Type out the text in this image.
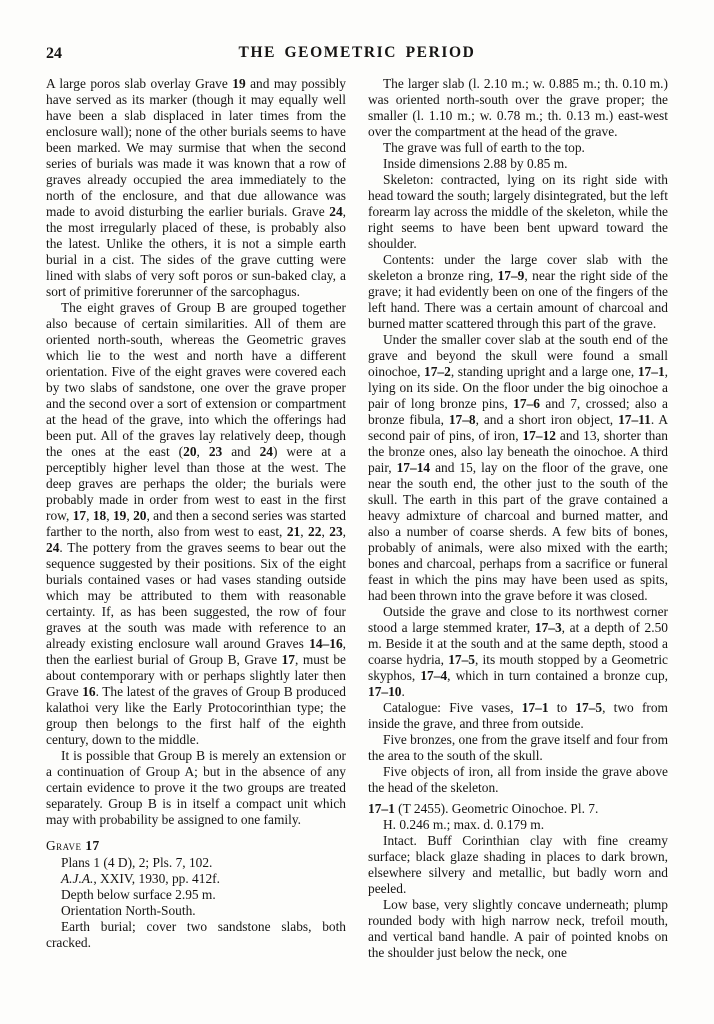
24	THE GEOMETRIC PERIOD
A large poros slab overlay Grave 19 and may possibly have served as its marker (though it may equally well have been a slab displaced in later times from the enclosure wall); none of the other burials seems to have been marked. We may surmise that when the second series of burials was made it was known that a row of graves already occupied the area immediately to the north of the enclosure, and that due allowance was made to avoid disturbing the earlier burials. Grave 24, the most irregularly placed of these, is probably also the latest. Unlike the others, it is not a simple earth burial in a cist. The sides of the grave cutting were lined with slabs of very soft poros or sun-baked clay, a sort of primitive forerunner of the sarcophagus.
The eight graves of Group B are grouped together also because of certain similarities. All of them are oriented north-south, whereas the Geometric graves which lie to the west and north have a different orientation. Five of the eight graves were covered each by two slabs of sandstone, one over the grave proper and the second over a sort of extension or compartment at the head of the grave, into which the offerings had been put. All of the graves lay relatively deep, though the ones at the east (20, 23 and 24) were at a perceptibly higher level than those at the west. The deep graves are perhaps the older; the burials were probably made in order from west to east in the first row, 17, 18, 19, 20, and then a second series was started farther to the north, also from west to east, 21, 22, 23, 24. The pottery from the graves seems to bear out the sequence suggested by their positions. Six of the eight burials contained vases or had vases standing outside which may be attributed to them with reasonable certainty. If, as has been suggested, the row of four graves at the south was made with reference to an already existing enclosure wall around Graves 14–16, then the earliest burial of Group B, Grave 17, must be about contemporary with or perhaps slightly later then Grave 16. The latest of the graves of Group B produced kalathoi very like the Early Protocorinthian type; the group then belongs to the first half of the eighth century, down to the middle.
It is possible that Group B is merely an extension or a continuation of Group A; but in the absence of any certain evidence to prove it the two groups are treated separately. Group B is in itself a compact unit which may with probability be assigned to one family.
Grave 17
Plans 1 (4 D), 2; Pls. 7, 102.
A.J.A., XXIV, 1930, pp. 412f.
Depth below surface 2.95 m.
Orientation North-South.
Earth burial; cover two sandstone slabs, both cracked.
The larger slab (l. 2.10 m.; w. 0.885 m.; th. 0.10 m.) was oriented north-south over the grave proper; the smaller (l. 1.10 m.; w. 0.78 m.; th. 0.13 m.) east-west over the compartment at the head of the grave.
The grave was full of earth to the top.
Inside dimensions 2.88 by 0.85 m.
Skeleton: contracted, lying on its right side with head toward the south; largely disintegrated, but the left forearm lay across the middle of the skeleton, while the right seems to have been bent upward toward the shoulder.
Contents: under the large cover slab with the skeleton a bronze ring, 17–9, near the right side of the grave; it had evidently been on one of the fingers of the left hand. There was a certain amount of charcoal and burned matter scattered through this part of the grave.
Under the smaller cover slab at the south end of the grave and beyond the skull were found a small oinochoe, 17–2, standing upright and a large one, 17–1, lying on its side. On the floor under the big oinochoe a pair of long bronze pins, 17–6 and 7, crossed; also a bronze fibula, 17–8, and a short iron object, 17–11. A second pair of pins, of iron, 17–12 and 13, shorter than the bronze ones, also lay beneath the oinochoe. A third pair, 17–14 and 15, lay on the floor of the grave, one near the south end, the other just to the south of the skull. The earth in this part of the grave contained a heavy admixture of charcoal and burned matter, and also a number of coarse sherds. A few bits of bones, probably of animals, were also mixed with the earth; bones and charcoal, perhaps from a sacrifice or funeral feast in which the pins may have been used as spits, had been thrown into the grave before it was closed.
Outside the grave and close to its northwest corner stood a large stemmed krater, 17–3, at a depth of 2.50 m. Beside it at the south and at the same depth, stood a coarse hydria, 17–5, its mouth stopped by a Geometric skyphos, 17–4, which in turn contained a bronze cup, 17–10.
Catalogue: Five vases, 17–1 to 17–5, two from inside the grave, and three from outside.
Five bronzes, one from the grave itself and four from the area to the south of the skull.
Five objects of iron, all from inside the grave above the head of the skeleton.
17–1 (T 2455). Geometric Oinochoe. Pl. 7.
H. 0.246 m.; max. d. 0.179 m.
Intact. Buff Corinthian clay with fine creamy surface; black glaze shading in places to dark brown, elsewhere silvery and metallic, but badly worn and peeled.
Low base, very slightly concave underneath; plump rounded body with high narrow neck, trefoil mouth, and vertical band handle. A pair of pointed knobs on the shoulder just below the neck, one
